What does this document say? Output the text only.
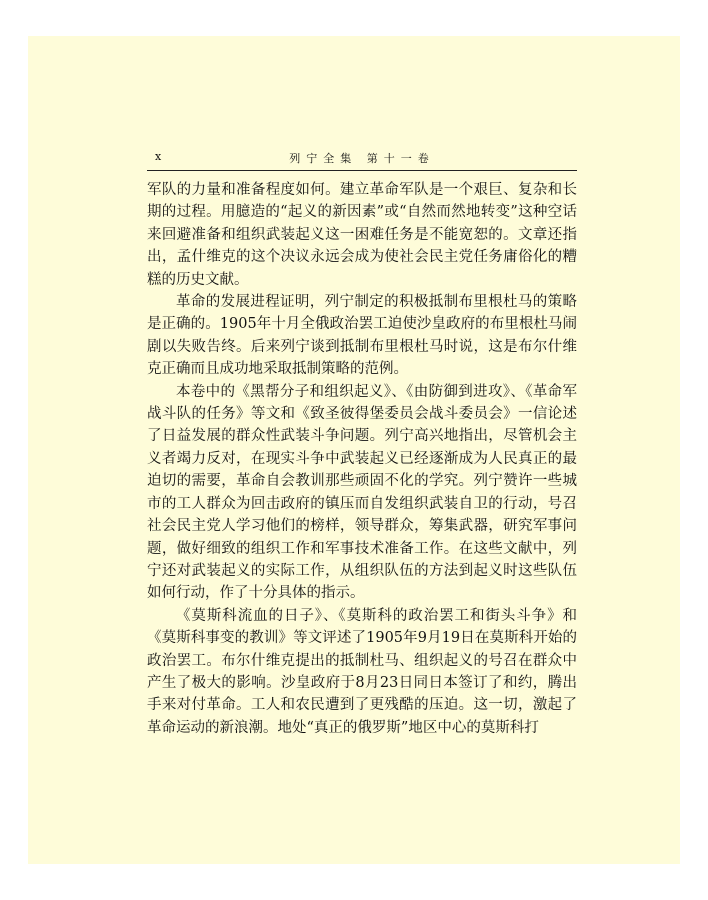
x	列宁全集 第十一卷

军队的力量和准备程度如何。建立革命军队是一个艰巨、复杂和长期的过程。用臆造的“起义的新因素”或“自然而然地转变”这种空话来回避准备和组织武装起义这一困难任务是不能宽恕的。文章还指出，孟什维克的这个决议永远会成为使社会民主党任务庸俗化的糟糕的历史文献。

革命的发展进程证明，列宁制定的积极抵制布里根杜马的策略是正确的。1905年十月全俄政治罢工迫使沙皇政府的布里根杜马闹剧以失败告终。后来列宁谈到抵制布里根杜马时说，这是布尔什维克正确而且成功地采取抵制策略的范例。

本卷中的《黑帮分子和组织起义》、《由防御到进攻》、《革命军战斗队的任务》等文和《致圣彼得堡委员会战斗委员会》一信论述了日益发展的群众性武装斗争问题。列宁高兴地指出，尽管机会主义者竭力反对，在现实斗争中武装起义已经逐渐成为人民真正的最迫切的需要，革命自会教训那些顽固不化的学究。列宁赞许一些城市的工人群众为回击政府的镇压而自发组织武装自卫的行动，号召社会民主党人学习他们的榜样，领导群众，筹集武器，研究军事问题，做好细致的组织工作和军事技术准备工作。在这些文献中，列宁还对武装起义的实际工作，从组织队伍的方法到起义时这些队伍如何行动，作了十分具体的指示。

《莫斯科流血的日子》、《莫斯科的政治罢工和街头斗争》和《莫斯科事变的教训》等文评述了1905年9月19日在莫斯科开始的政治罢工。布尔什维克提出的抵制杜马、组织起义的号召在群众中产生了极大的影响。沙皇政府于8月23日同日本签订了和约，腾出手来对付革命。工人和农民遭到了更残酷的压迫。这一切，激起了革命运动的新浪潮。地处“真正的俄罗斯”地区中心的莫斯科打
